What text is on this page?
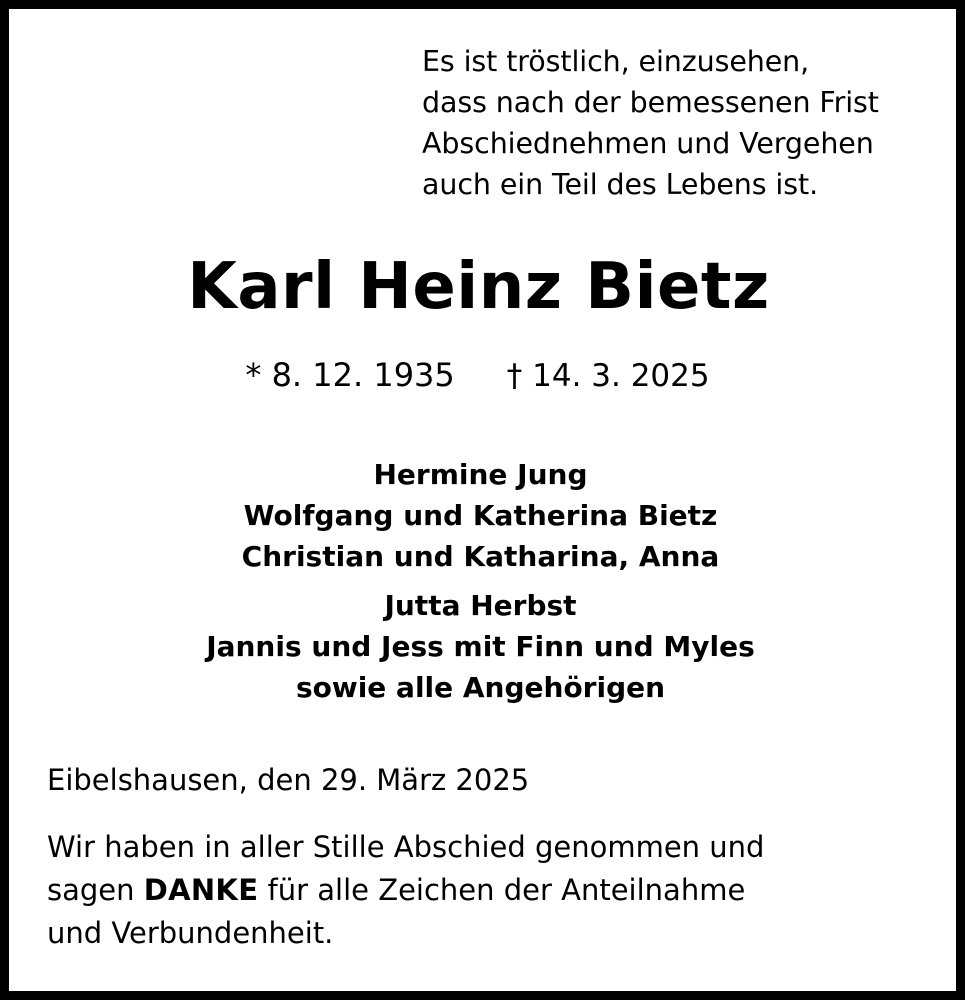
Es ist tröstlich, einzusehen,
dass nach der bemessenen Frist
Abschiednehmen und Vergehen
auch ein Teil des Lebens ist.
Karl Heinz Bietz
* 8. 12. 1935 † 14. 3. 2025
Hermine Jung
Wolfgang und Katherina Bietz
Christian und Katharina, Anna
Jutta Herbst
Jannis und Jess mit Finn und Myles
sowie alle Angehörigen
Eibelshausen, den 29. März 2025
Wir haben in aller Stille Abschied genommen und
sagen DANKE für alle Zeichen der Anteilnahme
und Verbundenheit.
